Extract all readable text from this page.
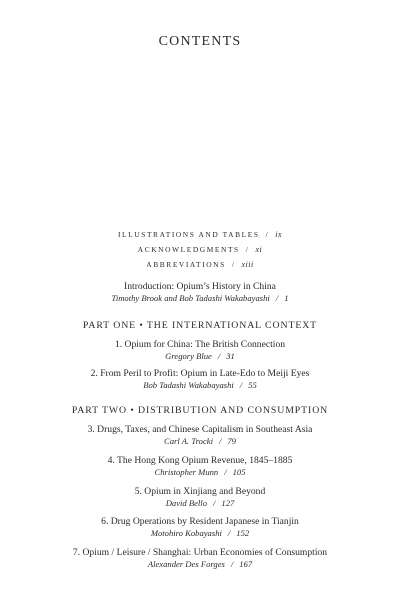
CONTENTS
ILLUSTRATIONS AND TABLES / ix
ACKNOWLEDGMENTS / xi
ABBREVIATIONS / xiii
Introduction: Opium’s History in China
Timothy Brook and Bob Tadashi Wakabayashi / 1
PART ONE • THE INTERNATIONAL CONTEXT
1. Opium for China: The British Connection
Gregory Blue / 31
2. From Peril to Profit: Opium in Late-Edo to Meiji Eyes
Bob Tadashi Wakabayashi / 55
PART TWO • DISTRIBUTION AND CONSUMPTION
3. Drugs, Taxes, and Chinese Capitalism in Southeast Asia
Carl A. Trocki / 79
4. The Hong Kong Opium Revenue, 1845–1885
Christopher Munn / 105
5. Opium in Xinjiang and Beyond
David Bello / 127
6. Drug Operations by Resident Japanese in Tianjin
Motohiro Kobayashi / 152
7. Opium / Leisure / Shanghai: Urban Economies of Consumption
Alexander Des Forges / 167
